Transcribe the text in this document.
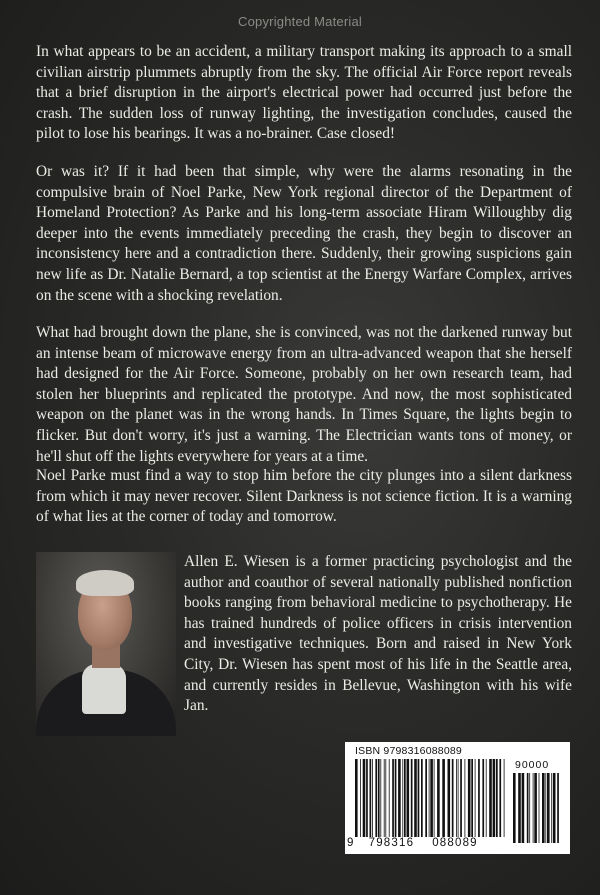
Copyrighted Material

In what appears to be an accident, a military transport making its approach to a small civilian airstrip plummets abruptly from the sky. The official Air Force report reveals that a brief disruption in the airport's electrical power had occurred just before the crash. The sudden loss of runway lighting, the investigation concludes, caused the pilot to lose his bearings. It was a no-brainer. Case closed!

Or was it? If it had been that simple, why were the alarms resonating in the compulsive brain of Noel Parke, New York regional director of the Department of Homeland Protection? As Parke and his long-term associate Hiram Willoughby dig deeper into the events immediately preceding the crash, they begin to discover an inconsistency here and a contradiction there. Suddenly, their growing suspicions gain new life as Dr. Natalie Bernard, a top scientist at the Energy Warfare Complex, arrives on the scene with a shocking revelation.

What had brought down the plane, she is convinced, was not the darkened runway but an intense beam of microwave energy from an ultra-advanced weapon that she herself had designed for the Air Force. Someone, probably on her own research team, had stolen her blueprints and replicated the prototype. And now, the most sophisticated weapon on the planet was in the wrong hands. In Times Square, the lights begin to flicker. But don't worry, it's just a warning. The Electrician wants tons of money, or he'll shut off the lights everywhere for years at a time.

Noel Parke must find a way to stop him before the city plunges into a silent darkness from which it may never recover. Silent Darkness is not science fiction. It is a warning of what lies at the corner of today and tomorrow.

Allen E. Wiesen is a former practicing psychologist and the author and coauthor of several nationally published nonfiction books ranging from behavioral medicine to psychotherapy. He has trained hundreds of police officers in crisis intervention and investigative techniques. Born and raised in New York City, Dr. Wiesen has spent most of his life in the Seattle area, and currently resides in Bellevue, Washington with his wife Jan.

ISBN 9798316088089
90000
9 798316 088089
